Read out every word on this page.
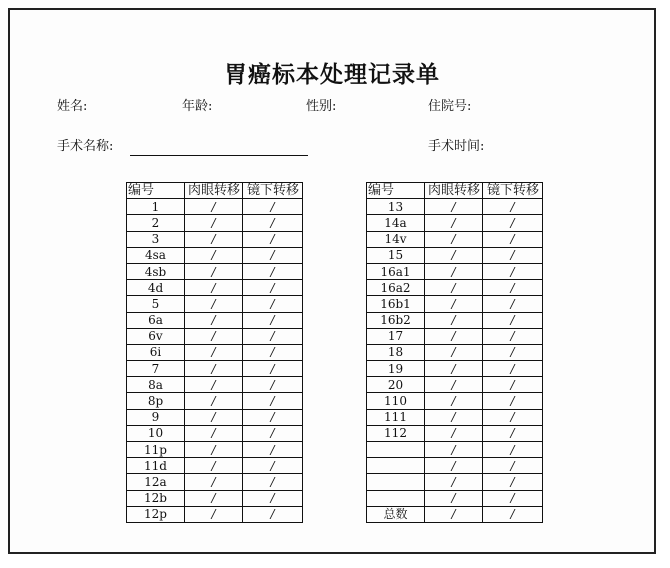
胃癌标本处理记录单
姓名:	年龄:	性别:	住院号:
手术名称:	手术时间:
编号	肉眼转移	镜下转移
1	/	/
2	/	/
3	/	/
4sa	/	/
4sb	/	/
4d	/	/
5	/	/
6a	/	/
6v	/	/
6i	/	/
7	/	/
8a	/	/
8p	/	/
9	/	/
10	/	/
11p	/	/
11d	/	/
12a	/	/
12b	/	/
12p	/	/
编号	肉眼转移	镜下转移
13	/	/
14a	/	/
14v	/	/
15	/	/
16a1	/	/
16a2	/	/
16b1	/	/
16b2	/	/
17	/	/
18	/	/
19	/	/
20	/	/
110	/	/
111	/	/
112	/	/
	/	/
	/	/
	/	/
	/	/
总数	/	/
